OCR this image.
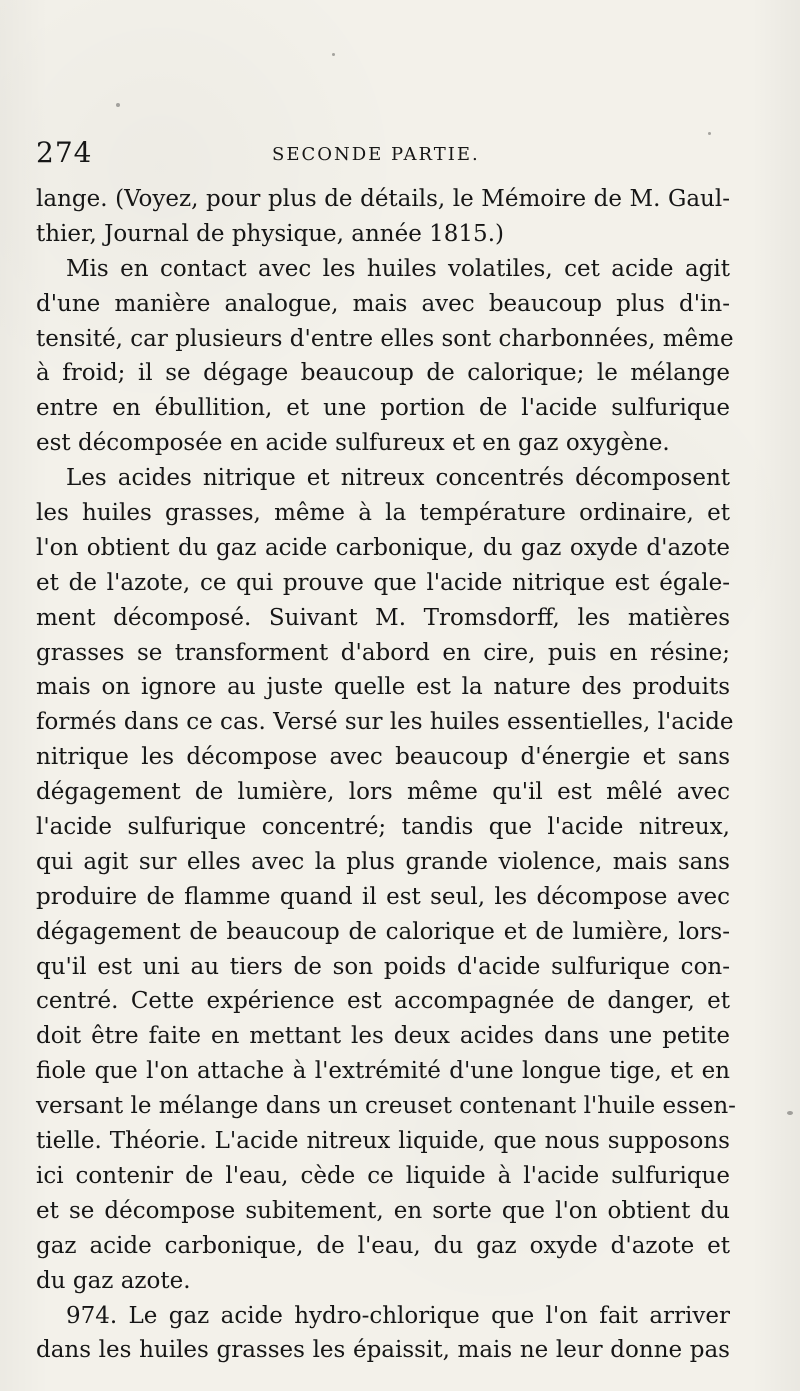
274	SECONDE PARTIE.
lange. (Voyez, pour plus de détails, le Mémoire de M. Gaul-
thier, Journal de physique, année 1815.)
Mis en contact avec les huiles volatiles, cet acide agit
d'une manière analogue, mais avec beaucoup plus d'in-
tensité, car plusieurs d'entre elles sont charbonnées, même
à froid; il se dégage beaucoup de calorique; le mélange
entre en ébullition, et une portion de l'acide sulfurique
est décomposée en acide sulfureux et en gaz oxygène.
Les acides nitrique et nitreux concentrés décomposent
les huiles grasses, même à la température ordinaire, et
l'on obtient du gaz acide carbonique, du gaz oxyde d'azote
et de l'azote, ce qui prouve que l'acide nitrique est égale-
ment décomposé. Suivant M. Tromsdorff, les matières
grasses se transforment d'abord en cire, puis en résine;
mais on ignore au juste quelle est la nature des produits
formés dans ce cas. Versé sur les huiles essentielles, l'acide
nitrique les décompose avec beaucoup d'énergie et sans
dégagement de lumière, lors même qu'il est mêlé avec
l'acide sulfurique concentré; tandis que l'acide nitreux,
qui agit sur elles avec la plus grande violence, mais sans
produire de flamme quand il est seul, les décompose avec
dégagement de beaucoup de calorique et de lumière, lors-
qu'il est uni au tiers de son poids d'acide sulfurique con-
centré. Cette expérience est accompagnée de danger, et
doit être faite en mettant les deux acides dans une petite
fiole que l'on attache à l'extrémité d'une longue tige, et en
versant le mélange dans un creuset contenant l'huile essen-
tielle. Théorie. L'acide nitreux liquide, que nous supposons
ici contenir de l'eau, cède ce liquide à l'acide sulfurique
et se décompose subitement, en sorte que l'on obtient du
gaz acide carbonique, de l'eau, du gaz oxyde d'azote et
du gaz azote.
974. Le gaz acide hydro-chlorique que l'on fait arriver
dans les huiles grasses les épaissit, mais ne leur donne pas
